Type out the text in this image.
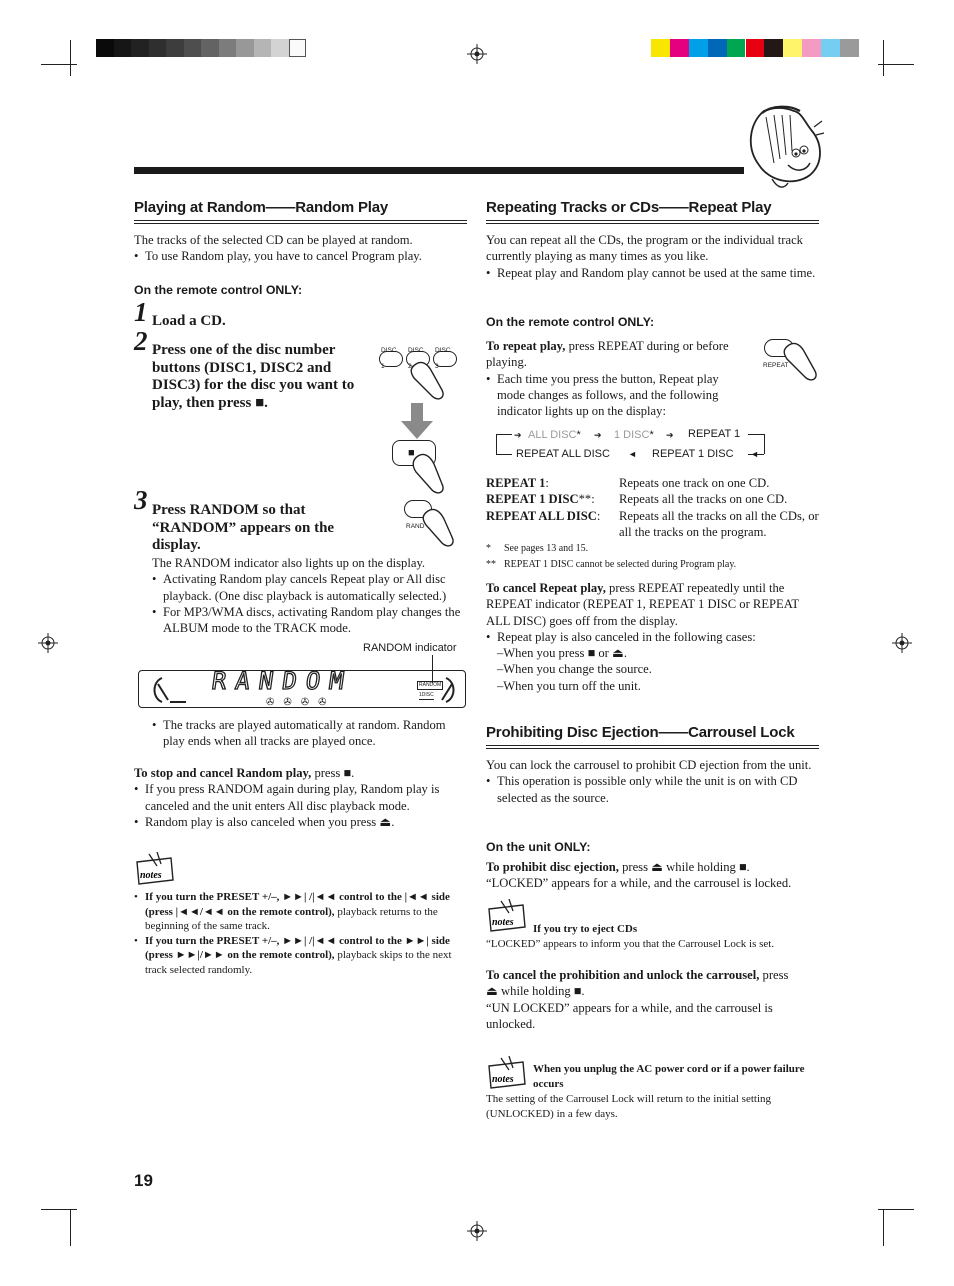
Playing at Random——Random Play
The tracks of the selected CD can be played at random.
• To use Random play, you have to cancel Program play.
On the remote control ONLY:
1 Load a CD.
2 Press one of the disc number buttons (DISC1, DISC2 and DISC3) for the disc you want to play, then press ■.
DISC 1
DISC 2
DISC 3
■
3 Press RANDOM so that “RANDOM” appears on the display.
RAND
The RANDOM indicator also lights up on the display.
• Activating Random play cancels Repeat play or All disc playback. (One disc playback is automatically selected.)
• For MP3/WMA discs, activating Random play changes the ALBUM mode to the TRACK mode.
RANDOM indicator
RANDOM
✇✇✇✇
RANDOM
1DISC
• The tracks are played automatically at random. Random play ends when all tracks are played once.
To stop and cancel Random play, press ■.
• If you press RANDOM again during play, Random play is canceled and the unit enters All disc playback mode.
• Random play is also canceled when you press ⏏.
notes
• If you turn the PRESET +/–, ►►| /|◄◄ control to the |◄◄ side (press |◄◄/◄◄ on the remote control), playback returns to the beginning of the same track.
• If you turn the PRESET +/–, ►►| /|◄◄ control to the ►►| side (press ►►|/►► on the remote control), playback skips to the next track selected randomly.
Repeating Tracks or CDs——Repeat Play
You can repeat all the CDs, the program or the individual track currently playing as many times as you like.
• Repeat play and Random play cannot be used at the same time.
On the remote control ONLY:
REPEAT
To repeat play, press REPEAT during or before playing.
• Each time you press the button, Repeat play mode changes as follows, and the following indicator lights up on the display:
➔ ALL DISC* ➔ 1 DISC* ➔ REPEAT 1
REPEAT ALL DISC ◄ REPEAT 1 DISC ◄
REPEAT 1:	Repeats one track on one CD.
REPEAT 1 DISC**:	Repeats all the tracks on one CD.
REPEAT ALL DISC:	Repeats all the tracks on all the CDs, or all the tracks on the program.
* See pages 13 and 15.
** REPEAT 1 DISC cannot be selected during Program play.
To cancel Repeat play, press REPEAT repeatedly until the REPEAT indicator (REPEAT 1, REPEAT 1 DISC or REPEAT ALL DISC) goes off from the display.
• Repeat play is also canceled in the following cases:
–When you press ■ or ⏏.
–When you change the source.
–When you turn off the unit.
Prohibiting Disc Ejection——Carrousel Lock
You can lock the carrousel to prohibit CD ejection from the unit.
• This operation is possible only while the unit is on with CD selected as the source.
On the unit ONLY:
To prohibit disc ejection, press ⏏ while holding ■.
“LOCKED” appears for a while, and the carrousel is locked.
notes
If you try to eject CDs
“LOCKED” appears to inform you that the Carrousel Lock is set.
To cancel the prohibition and unlock the carrousel, press
⏏ while holding ■.
“UN LOCKED” appears for a while, and the carrousel is unlocked.
notes
When you unplug the AC power cord or if a power failure occurs
The setting of the Carrousel Lock will return to the initial setting (UNLOCKED) in a few days.
19
